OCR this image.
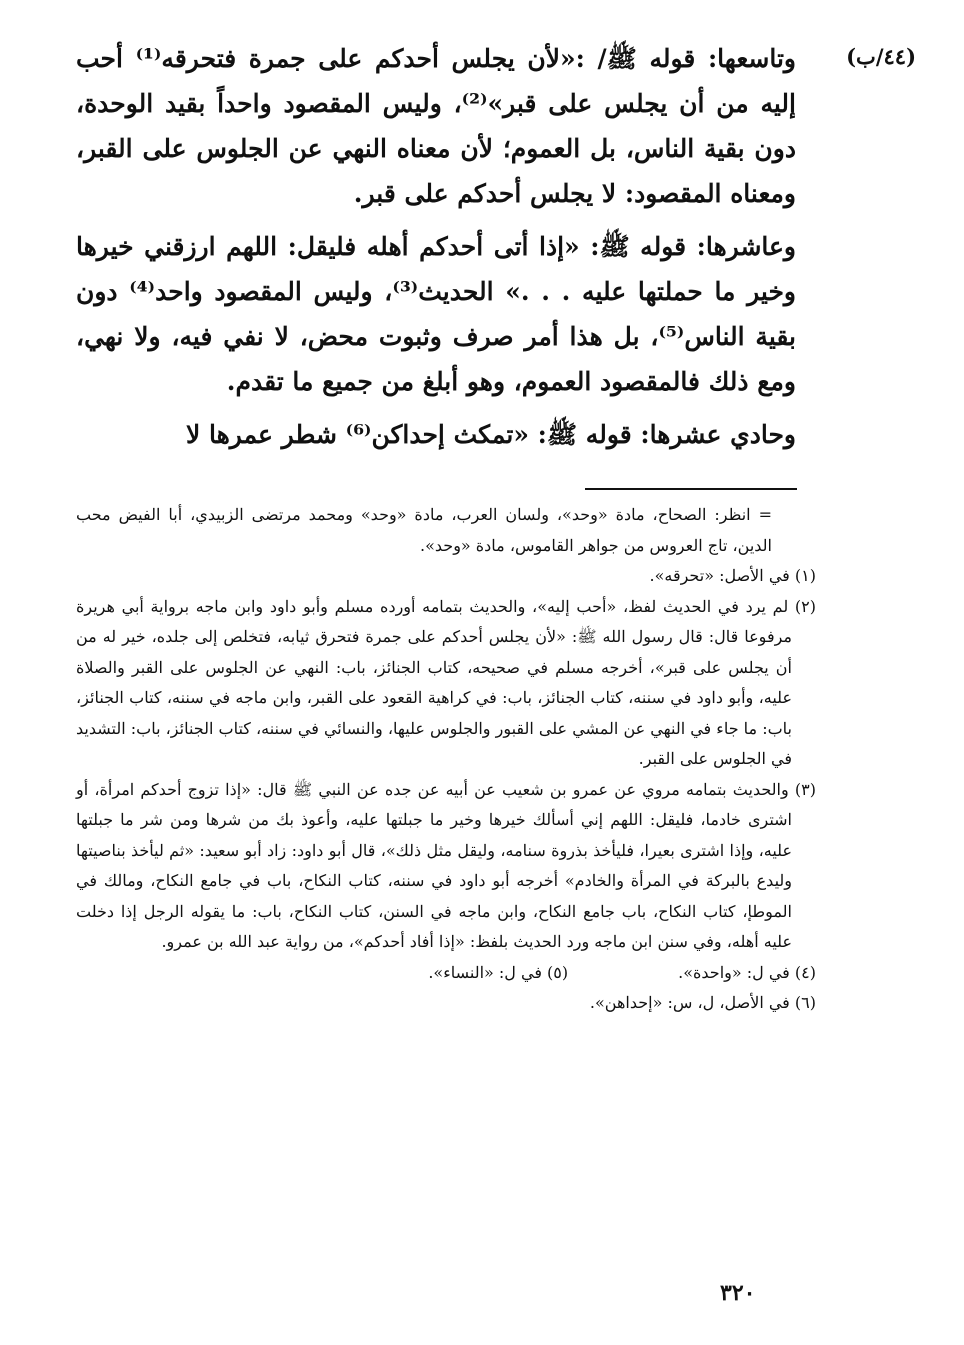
(٤٤/ب)

وتاسعها: قوله ﷺ/ :«لأن يجلس أحدكم على جمرة فتحرقه⁽¹⁾ أحب إليه من أن يجلس على قبر»⁽²⁾، وليس المقصود واحداً بقيد الوحدة، دون بقية الناس، بل العموم؛ لأن معناه النهي عن الجلوس على القبر، ومعناه المقصود: لا يجلس أحدكم على قبر.

وعاشرها: قوله ﷺ: «إذا أتى أحدكم أهله فليقل: اللهم ارزقني خيرها وخير ما حملتها عليه . . .» الحديث⁽³⁾، وليس المقصود واحد⁽⁴⁾ دون بقية الناس⁽⁵⁾، بل هذا أمر صرف وثبوت محض، لا نفي فيه، ولا نهي، ومع ذلك فالمقصود العموم، وهو أبلغ من جميع ما تقدم.

وحادي عشرها: قوله ﷺ: «تمكث إحداكن⁽⁶⁾ شطر عمرها لا

= انظر: الصحاح، مادة «وحد»، ولسان العرب، مادة «وحد» ومحمد مرتضى الزبيدي، أبا الفيض محب الدين، تاج العروس من جواهر القاموس، مادة «وحد».

(١) في الأصل: «تحرقه».

(٢) لم يرد في الحديث لفظ، «أحب إليه»، والحديث بتمامه أورده مسلم وأبو داود وابن ماجه برواية أبي هريرة مرفوعا قال: قال رسول الله ﷺ: «لأن يجلس أحدكم على جمرة فتحرق ثيابه، فتخلص إلى جلده، خير له من أن يجلس على قبر»، أخرجه مسلم في صحيحه، كتاب الجنائز، باب: النهي عن الجلوس على القبر والصلاة عليه، وأبو داود في سننه، كتاب الجنائز، باب: في كراهية القعود على القبر، وابن ماجه في سننه، كتاب الجنائز، باب: ما جاء في النهي عن المشي على القبور والجلوس عليها، والنسائي في سننه، كتاب الجنائز، باب: التشديد في الجلوس على القبر.

(٣) والحديث بتمامه مروي عن عمرو بن شعيب عن أبيه عن جده عن النبي ﷺ قال: «إذا تزوج أحدكم امرأة، أو اشترى خادما، فليقل: اللهم إني أسألك خيرها وخير ما جبلتها عليه، وأعوذ بك من شرها ومن شر ما جبلتها عليه، وإذا اشترى بعيرا، فليأخذ بذروة سنامه، وليقل مثل ذلك»، قال أبو داود: زاد أبو سعيد: «ثم ليأخذ بناصيتها وليدع بالبركة في المرأة والخادم» أخرجه أبو داود في سننه، كتاب النكاح، باب في جامع النكاح، ومالك في الموطإ، كتاب النكاح، باب جامع النكاح، وابن ماجه في السنن، كتاب النكاح، باب: ما يقوله الرجل إذا دخلت عليه أهله، وفي سنن ابن ماجه ورد الحديث بلفظ: «إذا أفاد أحدكم»، من رواية عبد الله بن عمرو.

(٤) في ل: «واحدة».
(٥) في ل: «النساء».

(٦) في الأصل، ل، س: «إحداهن».

٣٢٠
